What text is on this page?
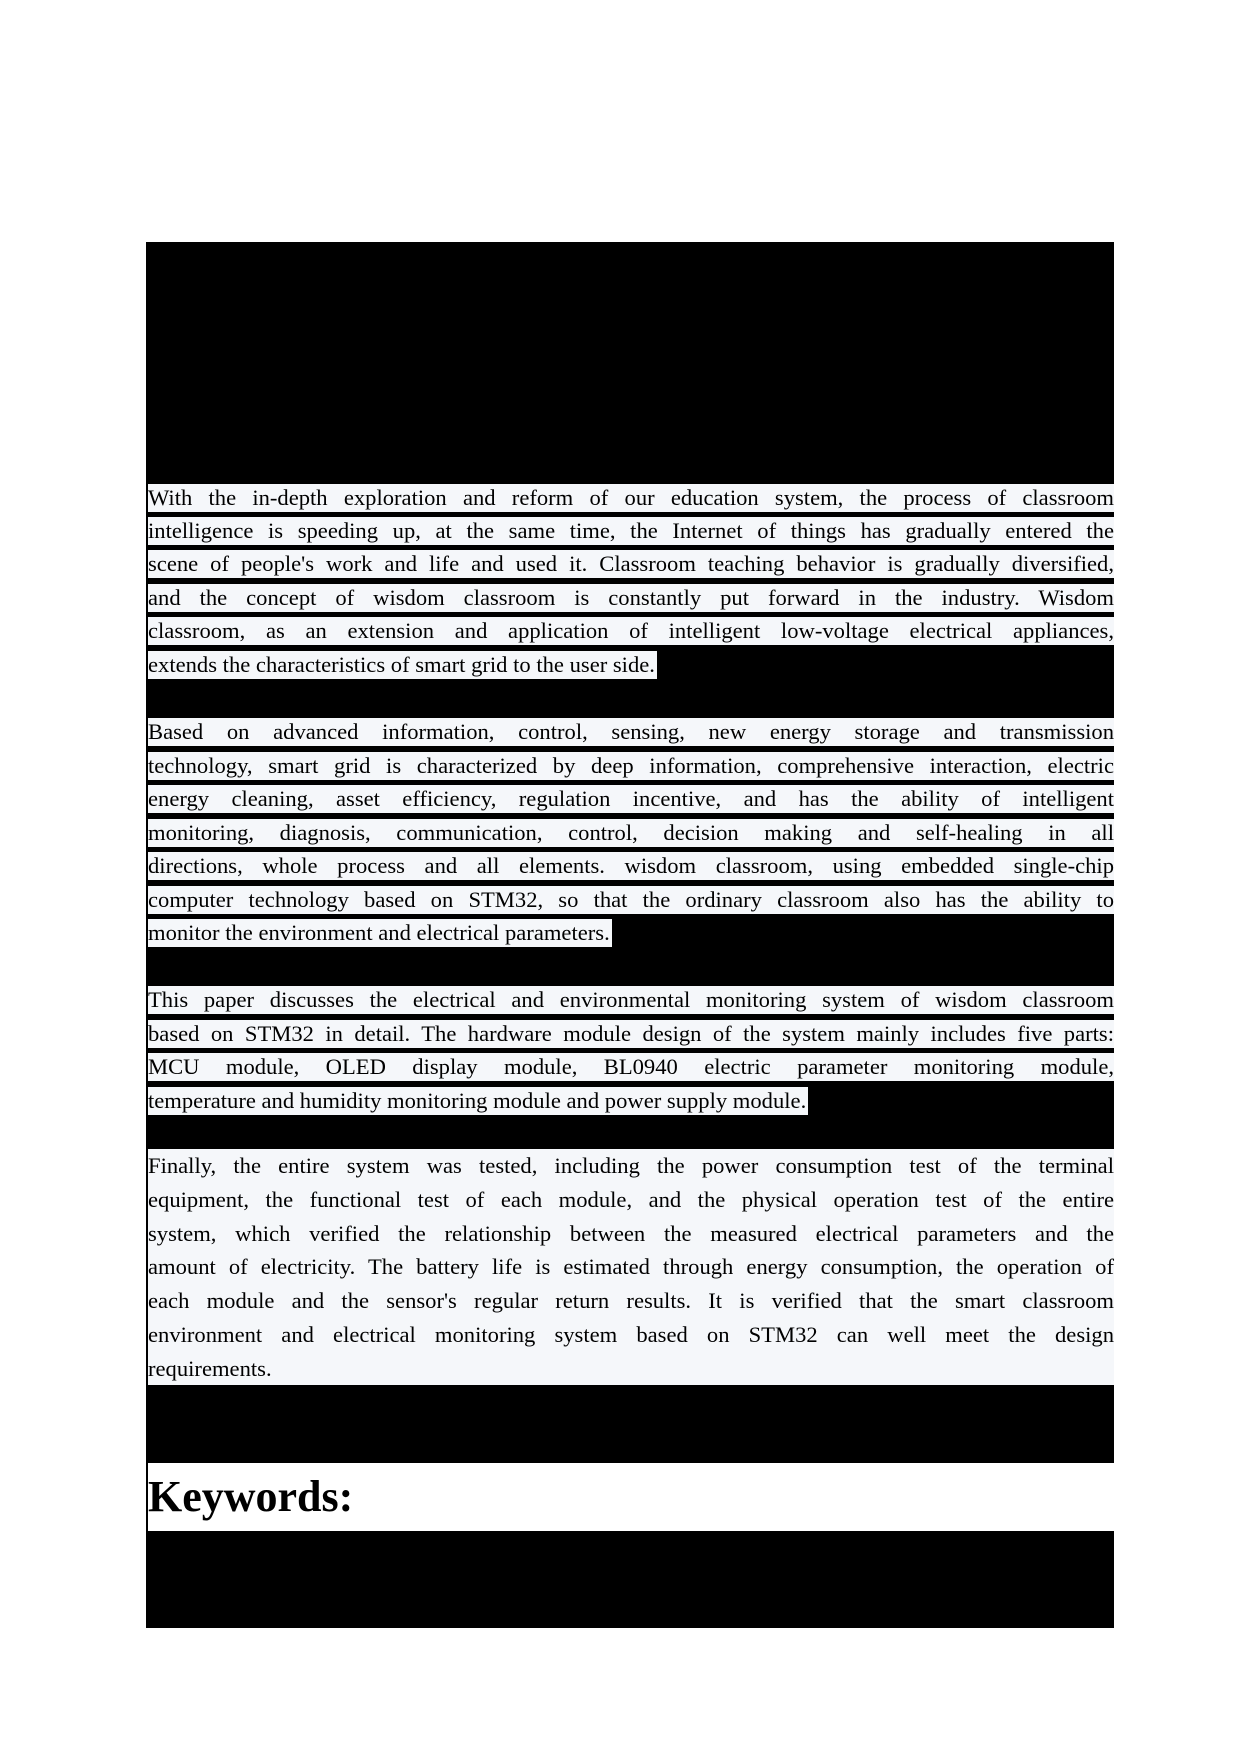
With the in-depth exploration and reform of our education system, the process of classroom
intelligence is speeding up, at the same time, the Internet of things has gradually entered the
scene of people's work and life and used it. Classroom teaching behavior is gradually diversified,
and the concept of wisdom classroom is constantly put forward in the industry. Wisdom
classroom, as an extension and application of intelligent low-voltage electrical appliances,
extends the characteristics of smart grid to the user side.
Based on advanced information, control, sensing, new energy storage and transmission
technology, smart grid is characterized by deep information, comprehensive interaction, electric
energy cleaning, asset efficiency, regulation incentive, and has the ability of intelligent
monitoring, diagnosis, communication, control, decision making and self-healing in all
directions, whole process and all elements. wisdom classroom, using embedded single-chip
computer technology based on STM32, so that the ordinary classroom also has the ability to
monitor the environment and electrical parameters.
This paper discusses the electrical and environmental monitoring system of wisdom classroom
based on STM32 in detail. The hardware module design of the system mainly includes five parts:
MCU module, OLED display module, BL0940 electric parameter monitoring module,
temperature and humidity monitoring module and power supply module.
Finally, the entire system was tested, including the power consumption test of the terminal
equipment, the functional test of each module, and the physical operation test of the entire
system, which verified the relationship between the measured electrical parameters and the
amount of electricity. The battery life is estimated through energy consumption, the operation of
each module and the sensor's regular return results. It is verified that the smart classroom
environment and electrical monitoring system based on STM32 can well meet the design
requirements.
Keywords:
